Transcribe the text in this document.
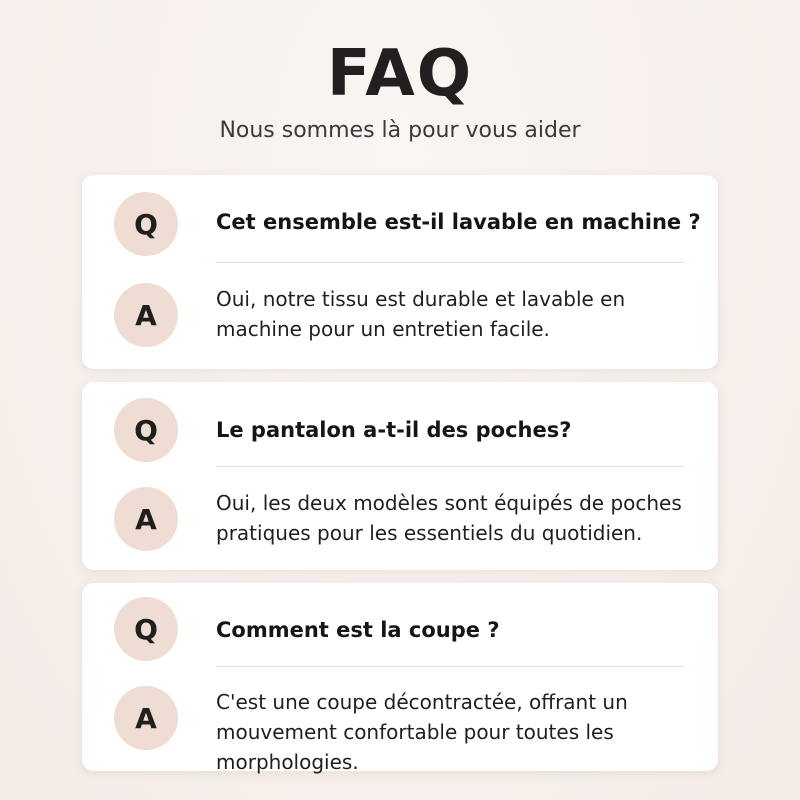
FAQ
Nous sommes là pour vous aider
Q	Cet ensemble est-il lavable en machine ?
A	Oui, notre tissu est durable et lavable en machine pour un entretien facile.
Q	Le pantalon a-t-il des poches?
A	Oui, les deux modèles sont équipés de poches pratiques pour les essentiels du quotidien.
Q	Comment est la coupe ?
A	C'est une coupe décontractée, offrant un mouvement confortable pour toutes les morphologies.
